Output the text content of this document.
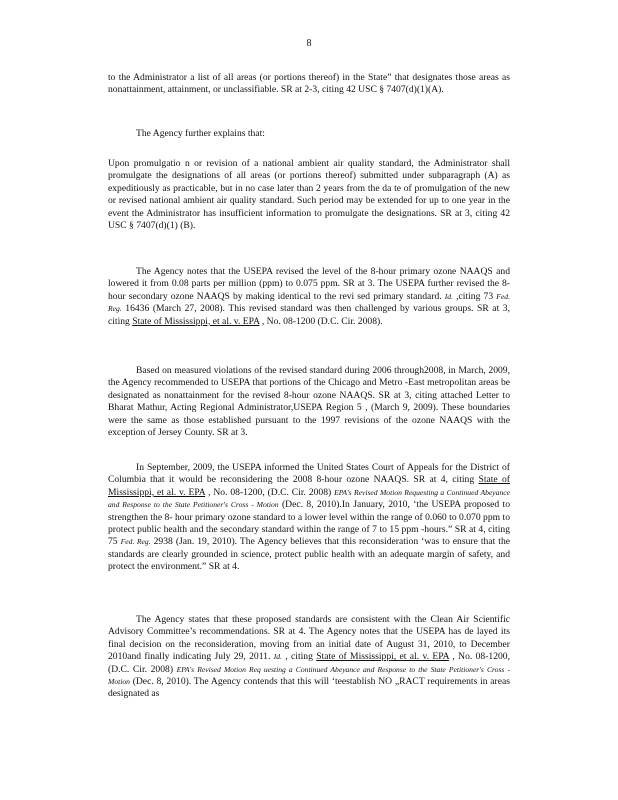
8

to the Administrator a list of all areas (or portions thereof) in the State” that designates those areas as nonattainment, attainment, or unclassifiable. SR at 2-3, citing 42 USC § 7407(d)(1)(A).

The Agency further explains that:

Upon promulgatio n or revision of a national ambient air quality standard, the Administrator shall promulgate the designations of all areas (or portions thereof) submitted under subparagraph (A) as expeditiously as practicable, but in no case later than 2 years from the da te of promulgation of the new or revised national ambient air quality standard. Such period may be extended for up to one year in the event the Administrator has insufficient information to promulgate the designations. SR at 3, citing 42 USC § 7407(d)(1) (B).

The Agency notes that the USEPA revised the level of the 8-hour primary ozone NAAQS and lowered it from 0.08 parts per million (ppm) to 0.075 ppm. SR at 3. The USEPA further revised the 8-hour secondary ozone NAAQS by making identical to the revi sed primary standard. Id. ,citing 73 Fed. Reg. 16436 (March 27, 2008). This revised standard was then challenged by various groups. SR at 3, citing State of Mississippi, et al. v. EPA , No. 08-1200 (D.C. Cir. 2008).

Based on measured violations of the revised standard during 2006 through2008, in March, 2009, the Agency recommended to USEPA that portions of the Chicago and Metro -East metropolitan areas be designated as nonattainment for the revised 8-hour ozone NAAQS. SR at 3, citing attached Letter to Bharat Mathur, Acting Regional Administrator,USEPA Region 5 , (March 9, 2009). These boundaries were the same as those established pursuant to the 1997 revisions of the ozone NAAQS with the exception of Jersey County. SR at 3.

In September, 2009, the USEPA informed the United States Court of Appeals for the District of Columbia that it would be reconsidering the 2008 8-hour ozone NAAQS. SR at 4, citing State of Mississippi, et al. v. EPA , No. 08-1200, (D.C. Cir. 2008) EPA's Revised Motion Requesting a Continued Abeyance and Response to the State Petitioner's Cross - Motion (Dec. 8, 2010).In January, 2010, ‘the USEPA proposed to strengthen the 8- hour primary ozone standard to a lower level within the range of 0.060 to 0.070 ppm to protect public health and the secondary standard within the range of 7 to 15 ppm -hours.” SR at 4, citing 75 Fed. Reg. 2938 (Jan. 19, 2010). The Agency believes that this reconsideration ‘was to ensure that the standards are clearly grounded in science, protect public health with an adequate margin of safety, and protect the environment.” SR at 4.

The Agency states that these proposed standards are consistent with the Clean Air Scientific Advisory Committee’s recommendations. SR at 4. The Agency notes that the USEPA has de layed its final decision on the reconsideration, moving from an initial date of August 31, 2010, to December 2010and finally indicating July 29, 2011. Id. , citing State of Mississippi, et al. v. EPA , No. 08-1200,(D.C. Cir. 2008) EPA's Revised Motion Req uesting a Continued Abeyance and Response to the State Petitioner's Cross -Motion (Dec. 8, 2010). The Agency contends that this will ‘teestablish NO „RACT requirements in areas designated as
